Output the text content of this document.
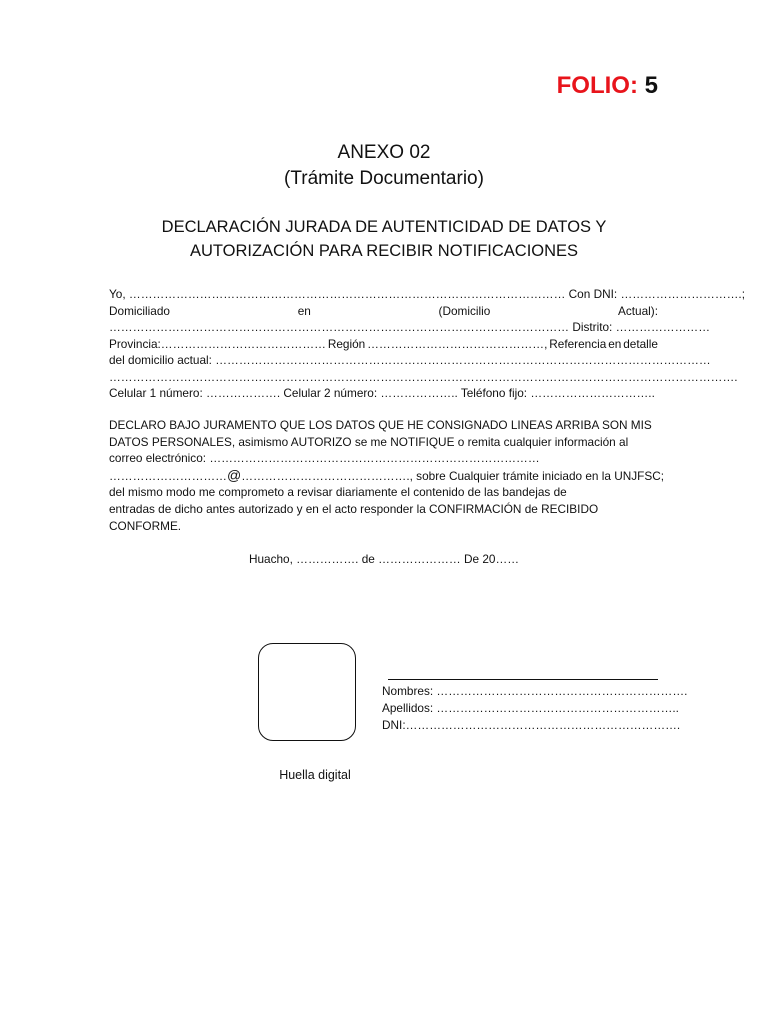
FOLIO: 5
ANEXO 02
(Trámite Documentario)
DECLARACIÓN JURADA DE AUTENTICIDAD DE DATOS Y
AUTORIZACIÓN PARA RECIBIR NOTIFICACIONES
Yo, ………………………………………………………………………………………………… Con DNI: ………………………….;
Domiciliado	en	(Domicilio	Actual):
……………………………………………………………………………………………………… Distrito: ……………………
Provincia:…………………………………… Región ………………………………………, Referencia en detalle
del domicilio actual: ………………………………………………………………………………………………………………
…………………………………………………………………………………………………………………………………………….
Celular 1 número: ………………. Celular 2 número: ……………….. Teléfono fijo: …………………………..
DECLARO BAJO JURAMENTO QUE LOS DATOS QUE HE CONSIGNADO LINEAS ARRIBA SON MIS
DATOS PERSONALES, asimismo AUTORIZO se me NOTIFIQUE o remita cualquier información al
correo electrónico: …………………………………………………………………………
…………………………@……………………………………., sobre Cualquier trámite iniciado en la UNJFSC;
del mismo modo me comprometo a revisar diariamente el contenido de las bandejas de
entradas de dicho antes autorizado y en el acto responder la CONFIRMACIÓN de RECIBIDO
CONFORME.
Huacho, ……………. de ………………… De 20……
Huella digital
Nombres: ……………………………………………………….
Apellidos: ……………………………………………………..
DNI:…………………………………………………………….
